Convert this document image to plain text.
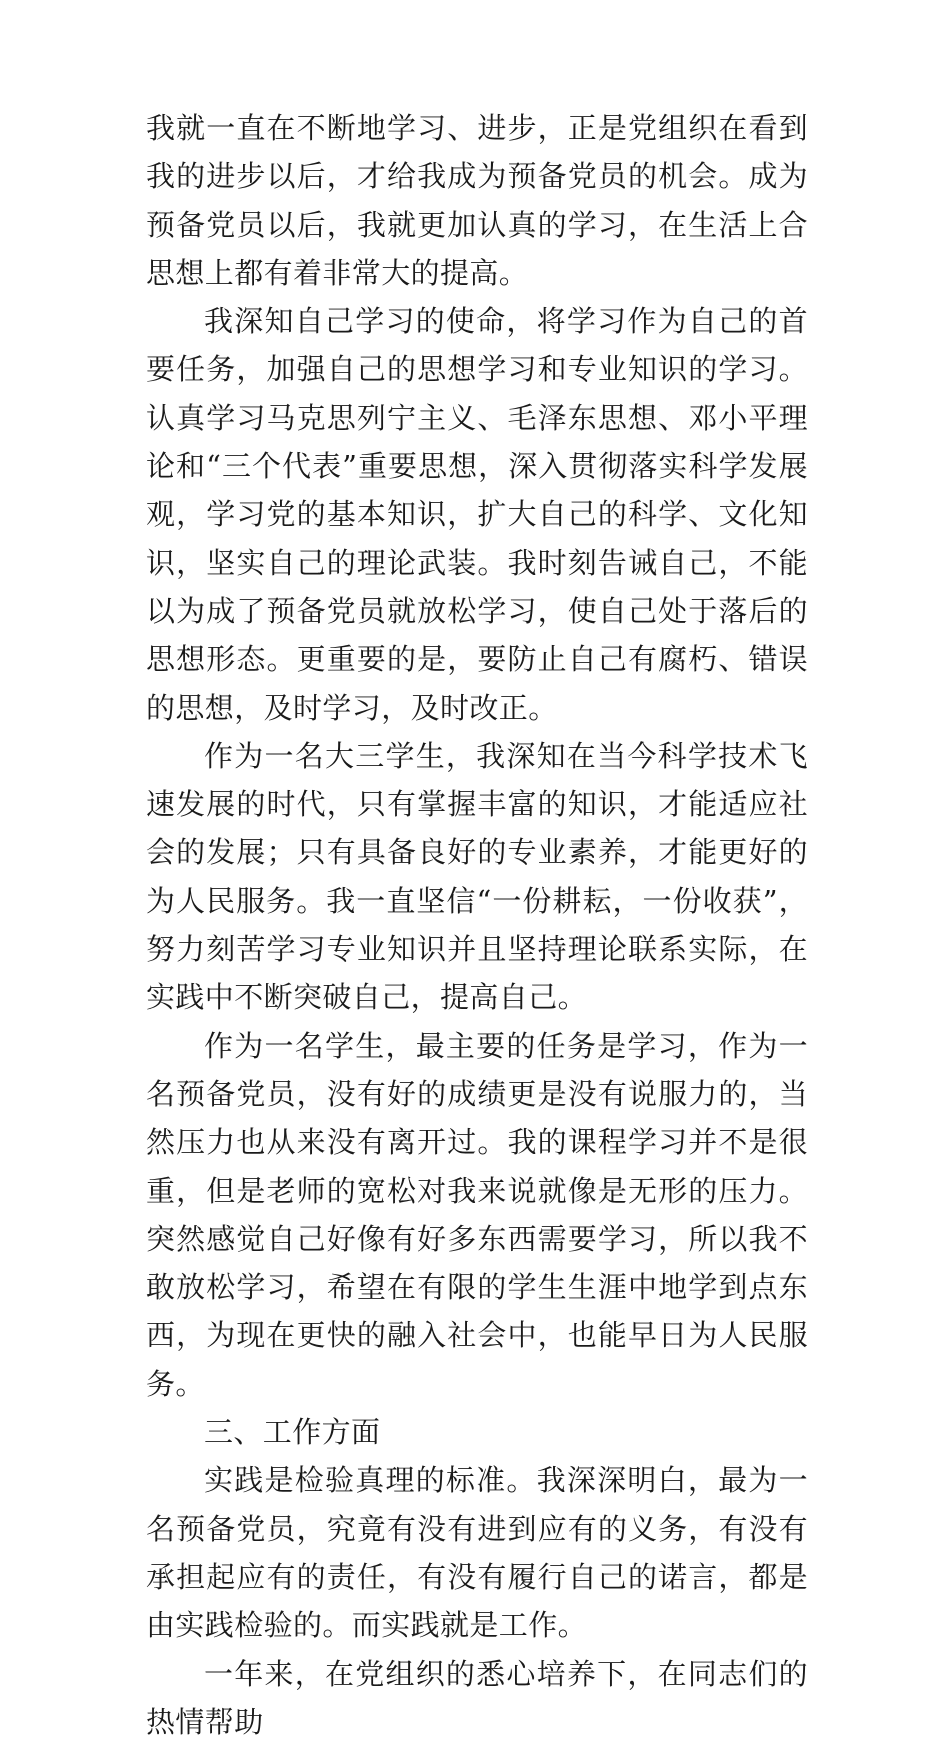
我就一直在不断地学习、进步，正是党组织在看到我的进步以后，才给我成为预备党员的机会。成为预备党员以后，我就更加认真的学习，在生活上合思想上都有着非常大的提高。

我深知自己学习的使命，将学习作为自己的首要任务，加强自己的思想学习和专业知识的学习。认真学习马克思列宁主义、毛泽东思想、邓小平理论和“三个代表”重要思想，深入贯彻落实科学发展观，学习党的基本知识，扩大自己的科学、文化知识，坚实自己的理论武装。我时刻告诫自己，不能以为成了预备党员就放松学习，使自己处于落后的思想形态。更重要的是，要防止自己有腐朽、错误的思想，及时学习，及时改正。

作为一名大三学生，我深知在当今科学技术飞速发展的时代，只有掌握丰富的知识，才能适应社会的发展；只有具备良好的专业素养，才能更好的为人民服务。我一直坚信“一份耕耘，一份收获”，努力刻苦学习专业知识并且坚持理论联系实际，在实践中不断突破自己，提高自己。

作为一名学生，最主要的任务是学习，作为一名预备党员，没有好的成绩更是没有说服力的，当然压力也从来没有离开过。我的课程学习并不是很重，但是老师的宽松对我来说就像是无形的压力。突然感觉自己好像有好多东西需要学习，所以我不敢放松学习，希望在有限的学生生涯中地学到点东西，为现在更快的融入社会中，也能早日为人民服务。

三、工作方面

实践是检验真理的标准。我深深明白，最为一名预备党员，究竟有没有进到应有的义务，有没有承担起应有的责任，有没有履行自己的诺言，都是由实践检验的。而实践就是工作。

一年来，在党组织的悉心培养下，在同志们的热情帮助
